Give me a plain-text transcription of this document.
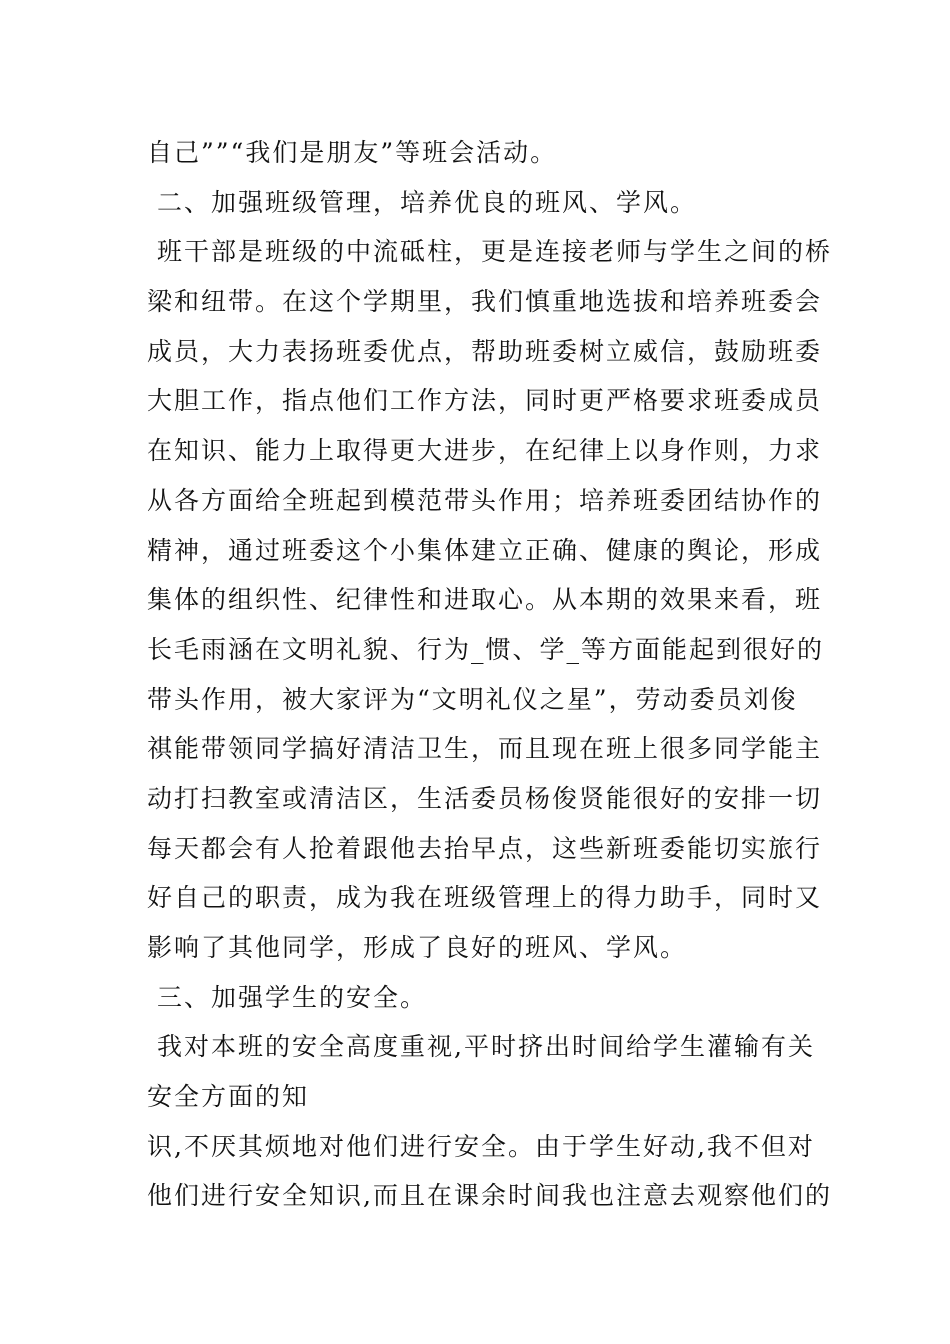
自己””“我们是朋友”等班会活动。
二、加强班级管理，培养优良的班风、学风。
班干部是班级的中流砥柱，更是连接老师与学生之间的桥
梁和纽带。在这个学期里，我们慎重地选拔和培养班委会
成员，大力表扬班委优点，帮助班委树立威信，鼓励班委
大胆工作，指点他们工作方法，同时更严格要求班委成员
在知识、能力上取得更大进步，在纪律上以身作则，力求
从各方面给全班起到模范带头作用；培养班委团结协作的
精神，通过班委这个小集体建立正确、健康的舆论，形成
集体的组织性、纪律性和进取心。从本期的效果来看，班
长毛雨涵在文明礼貌、行为_惯、学_等方面能起到很好的
带头作用，被大家评为“文明礼仪之星”，劳动委员刘俊
祺能带领同学搞好清洁卫生，而且现在班上很多同学能主
动打扫教室或清洁区，生活委员杨俊贤能很好的安排一切
每天都会有人抢着跟他去抬早点，这些新班委能切实旅行
好自己的职责，成为我在班级管理上的得力助手，同时又
影响了其他同学，形成了良好的班风、学风。
三、加强学生的安全。
我对本班的安全高度重视,平时挤出时间给学生灌输有关
安全方面的知
识,不厌其烦地对他们进行安全。由于学生好动,我不但对
他们进行安全知识,而且在课余时间我也注意去观察他们的
